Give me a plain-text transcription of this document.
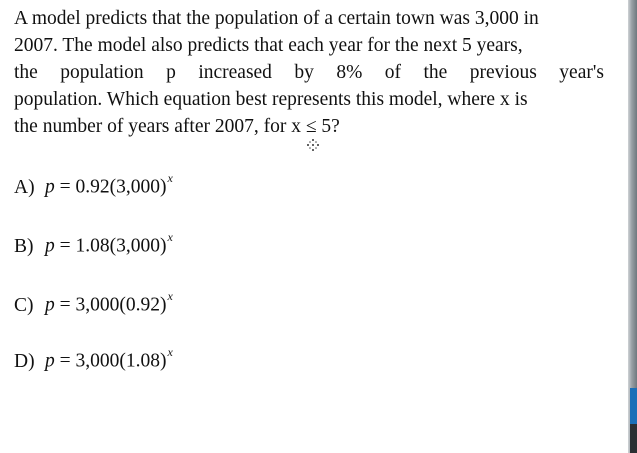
A model predicts that the population of a certain town was 3,000 in
2007. The model also predicts that each year for the next 5 years,
the population p increased by 8% of the previous year's
population. Which equation best represents this model, where x is
the number of years after 2007, for x ≤ 5?
A) $p = 0.92(3,000)^x$
B) $p = 1.08(3,000)^x$
C) $p = 3,000(0.92)^x$
D) $p = 3,000(1.08)^x$
